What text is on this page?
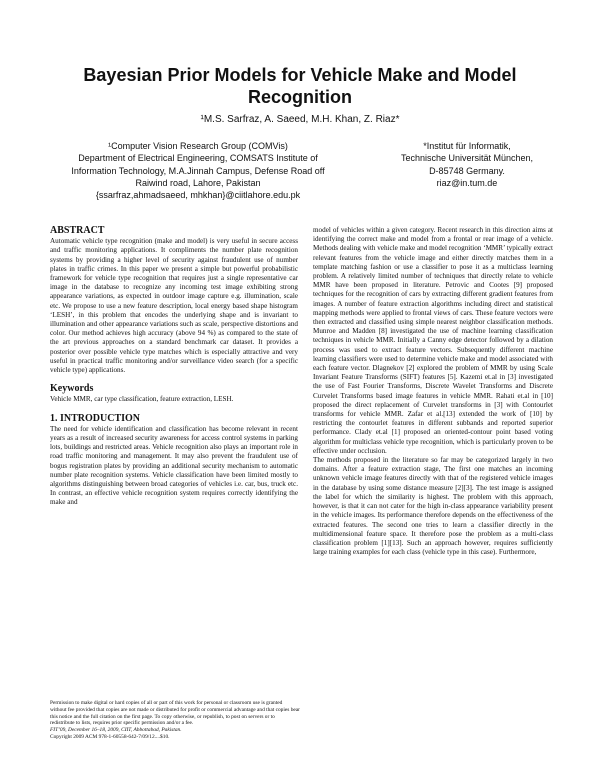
Bayesian Prior Models for Vehicle Make and Model
Recognition
¹M.S. Sarfraz, A. Saeed, M.H. Khan, Z. Riaz*
¹Computer Vision Research Group (COMVis)
Department of Electrical Engineering, COMSATS Institute of
Information Technology, M.A.Jinnah Campus, Defense Road off
Raiwind road, Lahore, Pakistan
{ssarfraz,ahmadsaeed, mhkhan}@ciitlahore.edu.pk
*Institut für Informatik,
Technische Universität München,
D-85748 Germany.
riaz@in.tum.de
ABSTRACT

Automatic vehicle type recognition (make and model) is very useful in secure access and traffic monitoring applications. It compliments the number plate recognition systems by providing a higher level of security against fraudulent use of number plates in traffic crimes. In this paper we present a simple but powerful probabilistic framework for vehicle type recognition that requires just a single representative car image in the database to recognize any incoming test image exhibiting strong appearance variations, as expected in outdoor image capture e.g. illumination, scale etc. We propose to use a new feature description, local energy based shape histogram ‘LESH’, in this problem that encodes the underlying shape and is invariant to illumination and other appearance variations such as scale, perspective distortions and color. Our method achieves high accuracy (above 94 %) as compared to the state of the art previous approaches on a standard benchmark car dataset. It provides a posterior over possible vehicle type matches which is especially attractive and very useful in practical traffic monitoring and/or surveillance video search (for a specific vehicle type) applications.

Keywords

Vehicle MMR, car type classification, feature extraction, LESH.

1. INTRODUCTION

The need for vehicle identification and classification has become relevant in recent years as a result of increased security awareness for access control systems in parking lots, buildings and restricted areas. Vehicle recognition also plays an important role in road traffic monitoring and management. It may also prevent the fraudulent use of bogus registration plates by providing an additional security mechanism to automatic number plate recognition systems. Vehicle classification have been limited mostly to algorithms distinguishing between broad categories of vehicles i.e. car, bus, truck etc. In contrast, an effective vehicle recognition system requires correctly identifying the make and

Permission to make digital or hard copies of all or part of this work for personal or classroom use is granted without fee provided that copies are not made or distributed for profit or commercial advantage and that copies bear this notice and the full citation on the first page. To copy otherwise, or republish, to post on servers or to redistribute to lists, requires prior specific permission and/or a fee.

FIT’09, December 16–18, 2009, CIIT, Abbottabad, Pakistan.

Copyright 2009 ACM 978-1-60558-642-7/09/12....$10.

model of vehicles within a given category. Recent research in this direction aims at identifying the correct make and model from a frontal or rear image of a vehicle. Methods dealing with vehicle make and model recognition ‘MMR’ typically extract relevant features from the vehicle image and either directly matches them in a template matching fashion or use a classifier to pose it as a multiclass learning problem. A relatively limited number of techniques that directly relate to vehicle MMR have been proposed in literature. Petrovic and Cootes [9] proposed techniques for the recognition of cars by extracting different gradient features from images. A number of feature extraction algorithms including direct and statistical mapping methods were applied to frontal views of cars. These feature vectors were then extracted and classified using simple nearest neighbor classification methods. Munroe and Madden [8] investigated the use of machine learning classification techniques in vehicle MMR. Initially a Canny edge detector followed by a dilation process was used to extract feature vectors. Subsequently different machine learning classifiers were used to determine vehicle make and model associated with each feature vector. Dlagnekov [2] explored the problem of MMR by using Scale Invariant Feature Transforms (SIFT) features [5]. Kazemi et.al in [3] investigated the use of Fast Fourier Transforms, Discrete Wavelet Transforms and Discrete Curvelet Transforms based image features in vehicle MMR. Rahati et.al in [10] proposed the direct replacement of Curvelet transforms in [3] with Contourlet transforms for vehicle MMR. Zafar et al.[13] extended the work of [10] by restricting the contourlet features in different subbands and reported superior performance. Clady et.al [1] proposed an oriented-contour point based voting algorithm for multiclass vehicle type recognition, which is particularly proven to be effective under occlusion.

The methods proposed in the literature so far may be categorized largely in two domains. After a feature extraction stage, The first one matches an incoming unknown vehicle image features directly with that of the registered vehicle images in the database by using some distance measure [2][3]. The test image is assigned the label for which the similarity is highest. The problem with this approach, however, is that it can not cater for the high in-class appearance variability present in the vehicle images. Its performance therefore depends on the effectiveness of the extracted features. The second one tries to learn a classifier directly in the multidimensional feature space. It therefore pose the problem as a multi-class classification problem [1][13]. Such an approach however, requires sufficiently large training examples for each class (vehicle type in this case). Furthermore,
